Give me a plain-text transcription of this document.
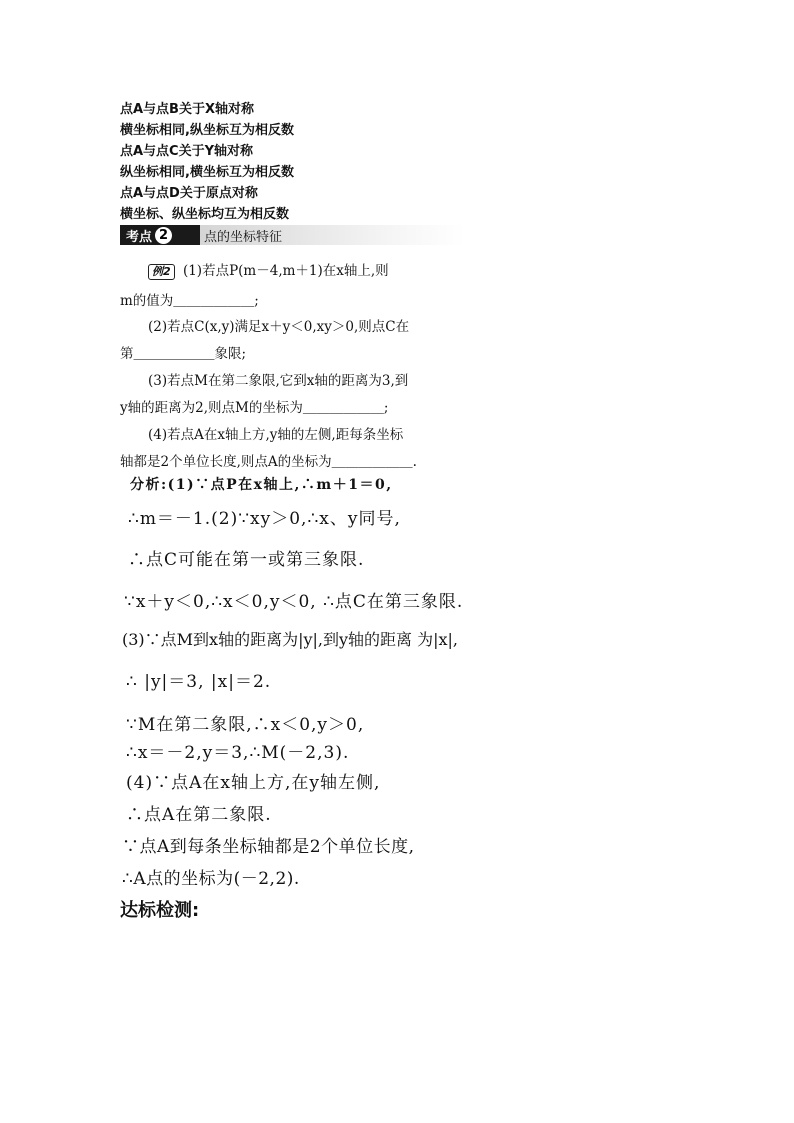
点A与点B关于X轴对称
横坐标相同,纵坐标互为相反数
点A与点C关于Y轴对称
纵坐标相同,横坐标互为相反数
点A与点D关于原点对称
横坐标、纵坐标均互为相反数
考点 2	点的坐标特征
例2 (1)若点P(m－4,m＋1)在x轴上,则
m的值为＿＿＿＿＿＿;
(2)若点C(x,y)满足x＋y＜0,xy＞0,则点C在
第＿＿＿＿＿＿象限;
(3)若点M在第二象限,它到x轴的距离为3,到
y轴的距离为2,则点M的坐标为＿＿＿＿＿＿;
(4)若点A在x轴上方,y轴的左侧,距每条坐标
轴都是2个单位长度,则点A的坐标为＿＿＿＿＿＿.
分析:(1)∵点P在x轴上,∴m＋1＝0,
∴m＝－1.(2)∵xy＞0,∴x、y同号,
∴点C可能在第一或第三象限.
∵x＋y＜0,∴x＜0,y＜0, ∴点C在第三象限.
(3)∵点M到x轴的距离为|y|,到y轴的距离 为|x|,
∴ |y|＝3, |x|＝2.
∵M在第二象限,∴x＜0,y＞0,
∴x＝－2,y＝3,∴M(－2,3).
(4)∵点A在x轴上方,在y轴左侧,
∴点A在第二象限.
∵点A到每条坐标轴都是2个单位长度,
∴A点的坐标为(－2,2).
达标检测:
